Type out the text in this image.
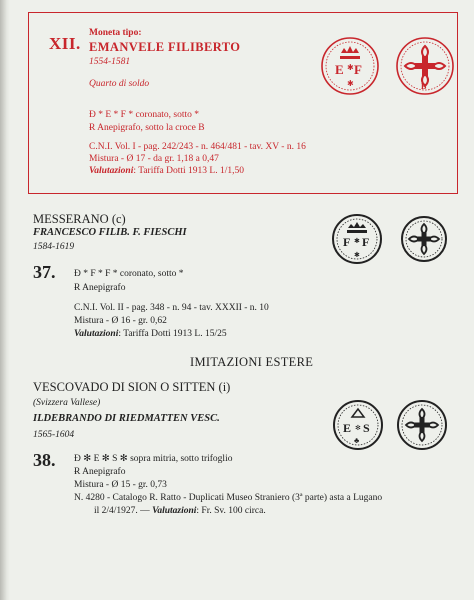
XII.
Moneta tipo:
EMANVELE FILIBERTO
1554-1581
Quarto di soldo
Ɖ * E * F * coronato, sotto *
Ɍ Anepigrafo, sotto la croce B
C.N.I. Vol. I - pag. 242/243 - n. 464/481 - tav. XV - n. 16
Mistura - Ø 17 - da gr. 1,18 a 0,47
Valutazioni: Tariffa Dotti 1913 L. 1/1,50
E F
✱
✱	B
MESSERANO (c)
FRANCESCO FILIB. F. FIESCHI
1584-1619
37. Ɖ * F * F * coronato, sotto *
Ɍ Anepigrafo
C.N.I. Vol. II - pag. 348 - n. 94 - tav. XXXII - n. 10
Mistura - Ø 16 - gr. 0,62
Valutazioni: Tariffa Dotti 1913 L. 15/25
F F
✱
✱
IMITAZIONI ESTERE
VESCOVADO DI SION O SITTEN (i)
(Svizzera Vallese)
ILDEBRANDO DI RIEDMATTEN VESC.
1565-1604
38. Ɖ ✻ E ✻ S ✻ sopra mitria, sotto trifoglio
Ɍ Anepigrafo
Mistura - Ø 15 - gr. 0,73
N. 4280 - Catalogo R. Ratto - Duplicati Museo Straniero (3ª parte) asta a Lugano
il 2/4/1927. — Valutazioni: Fr. Sv. 100 circa.
E S
✻
♣
